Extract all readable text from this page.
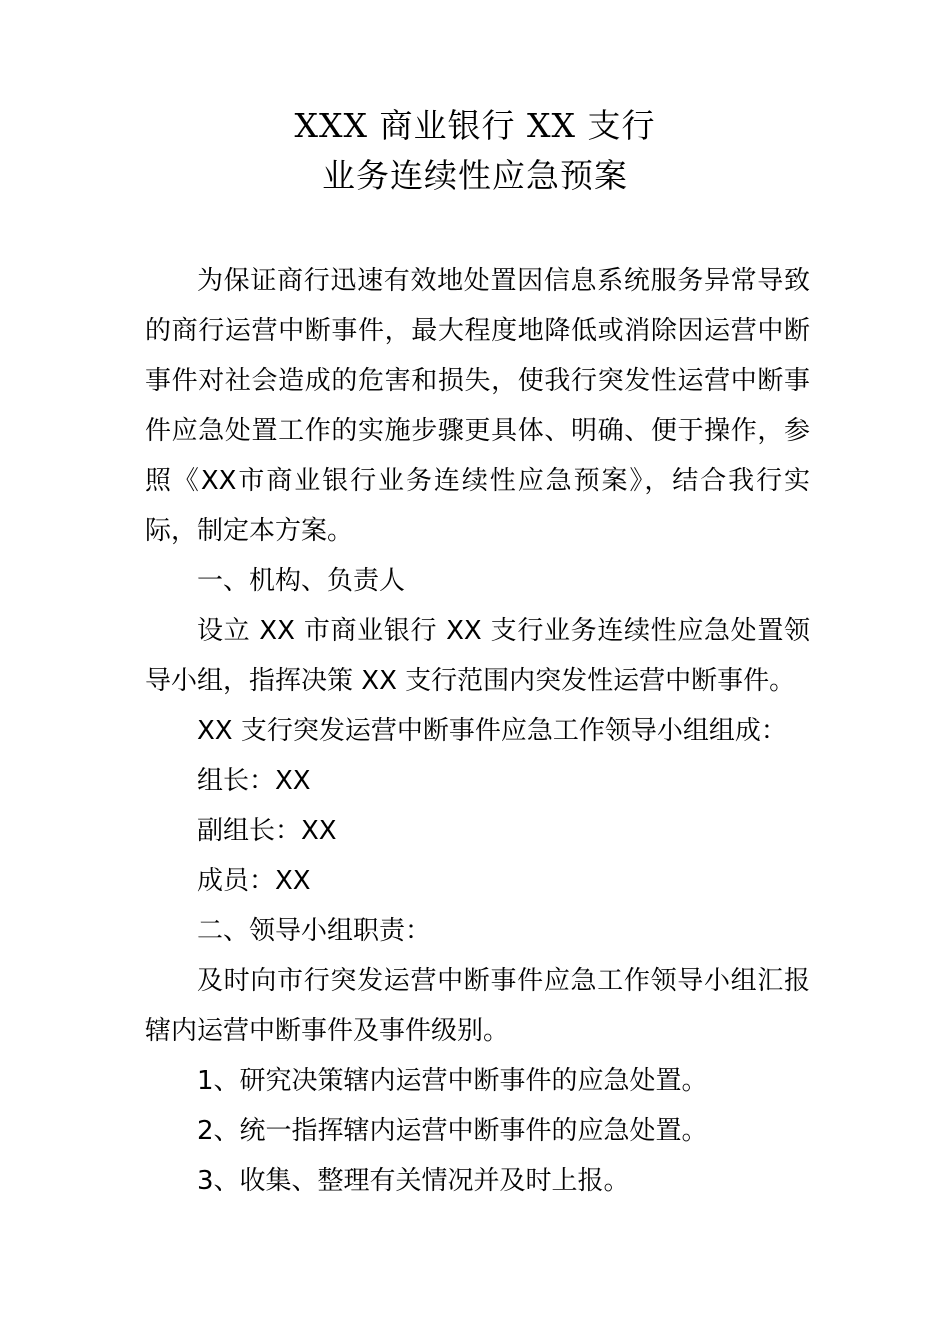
XXX 商业银行 XX 支行
业务连续性应急预案

为保证商行迅速有效地处置因信息系统服务异常导致的商行运营中断事件，最大程度地降低或消除因运营中断事件对社会造成的危害和损失，使我行突发性运营中断事件应急处置工作的实施步骤更具体、明确、便于操作，参照《XX市商业银行业务连续性应急预案》，结合我行实际，制定本方案。

一、机构、负责人

设立 XX 市商业银行 XX 支行业务连续性应急处置领导小组，指挥决策 XX 支行范围内突发性运营中断事件。

XX 支行突发运营中断事件应急工作领导小组组成：

组长：XX

副组长：XX

成员：XX

二、领导小组职责：

及时向市行突发运营中断事件应急工作领导小组汇报辖内运营中断事件及事件级别。

1、研究决策辖内运营中断事件的应急处置。

2、统一指挥辖内运营中断事件的应急处置。

3、收集、整理有关情况并及时上报。
